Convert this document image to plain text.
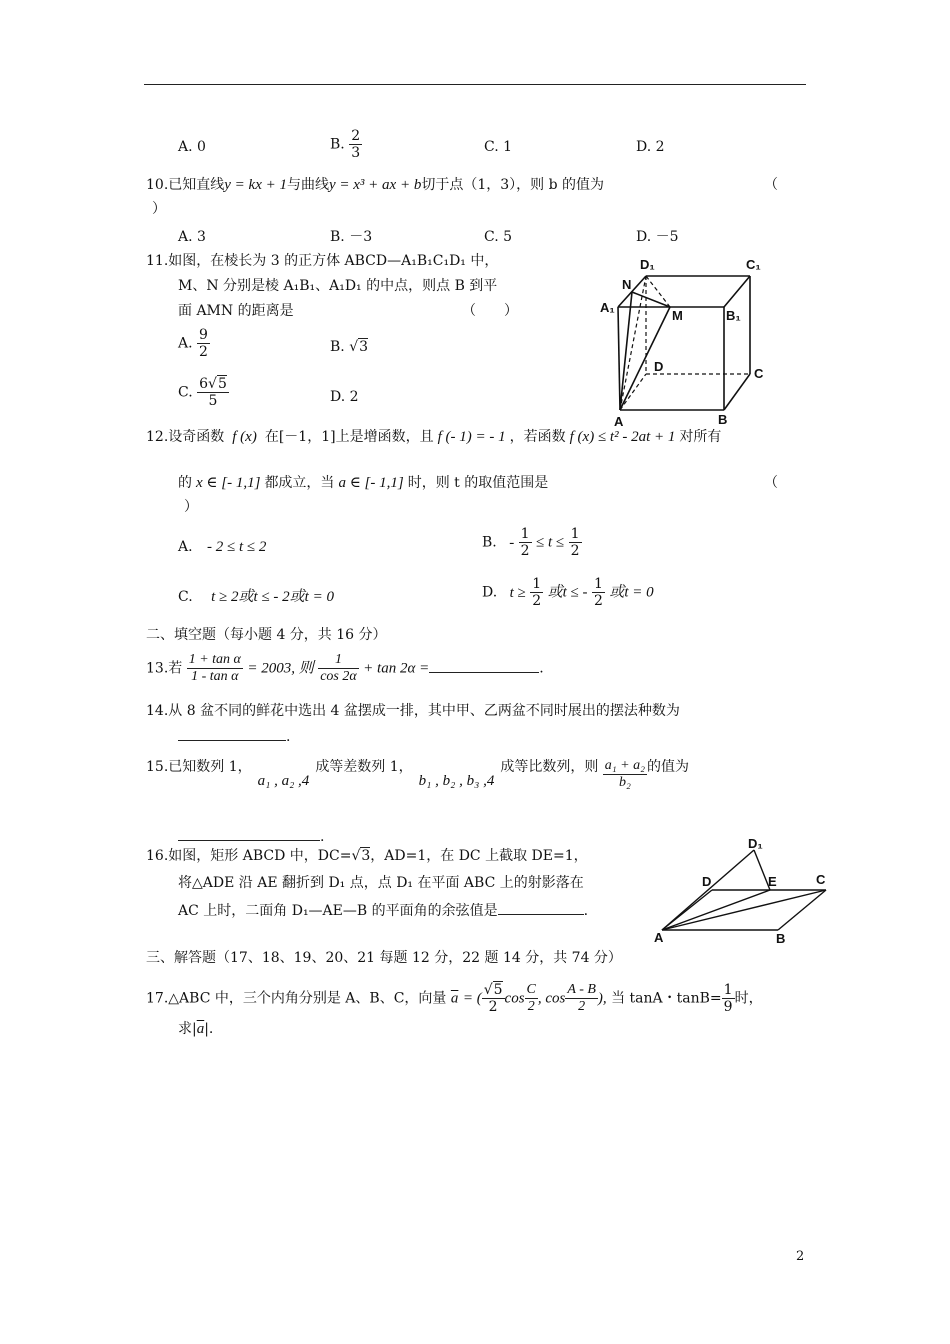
A. 0	B. $\frac{2}{3}$	C. 1	D. 2
10.已知直线y = kx + 1与曲线y = x³ + ax + b切于点（1，3），则 b 的值为	（
）
A. 3	B. －3	C. 5	D. －5
11.如图，在棱长为 3 的正方体 ABCD—A₁B₁C₁D₁ 中，
M、N 分别是棱 A₁B₁、A₁D₁ 的中点，则点 B 到平
面 AMN 的距离是	（　　）
A. $\frac{9}{2}$	B. √3
C. $\frac{6√5}{5}$	D. 2
D₁	C₁
N
A₁
M	B₁
D	C
A	B
12.设奇函数 f (x) 在[－1，1]上是增函数，且 f (- 1) = - 1 ，若函数 f (x) ≤ t² - 2at + 1 对所有
的 x ∈ [- 1,1] 都成立，当 a ∈ [- 1,1] 时，则 t 的取值范围是	（
）
A. - 2 ≤ t ≤ 2	B. - $\frac{1}{2} \le t \le \frac{1}{2}$
C. t ≥ 2或t ≤ - 2或t = 0	D. $t \ge \frac{1}{2}$ 或t ≤ - $\frac{1}{2}$ 或t = 0
二、填空题（每小题 4 分，共 16 分）
13.若 $\frac{\text{1 + tan α}}{\text{1 - tan α}} = 2003$, 则 $\frac{1}{\cos 2\alpha} + \tan 2\alpha$ =	.
14.从 8 盆不同的鲜花中选出 4 盆摆成一排，其中甲、乙两盆不同时展出的摆法种数为
.
15.已知数列 1，a₁ , a₂ ,4成等差数列 1，b₁ , b₂ , b₃ ,4成等比数列，则 $\frac{\text{a₁ + a₂}}{\text{b₂}}$ 的值为
.
16.如图，矩形 ABCD 中，DC=√3，AD=1，在 DC 上截取 DE=1，
将△ADE 沿 AE 翻折到 D₁ 点，点 D₁ 在平面 ABC 上的射影落在
AC 上时，二面角 D₁—AE—B 的平面角的余弦值是	.
D₁
D	E	C
A	B
三、解答题（17、18、19、20、21 每题 12 分，22 题 14 分，共 74 分）
17.△ABC 中，三个内角分别是 A、B、C，向量 $\overline{a}$ = ( $\frac{√5}{2}$ $\cos \frac{C}{2}$ , $\cos \frac{A - B}{2}$ ), 当 tanA・$\tan B= \frac{1}{9}$ 时，
求$|\overline{a}|$.
2
